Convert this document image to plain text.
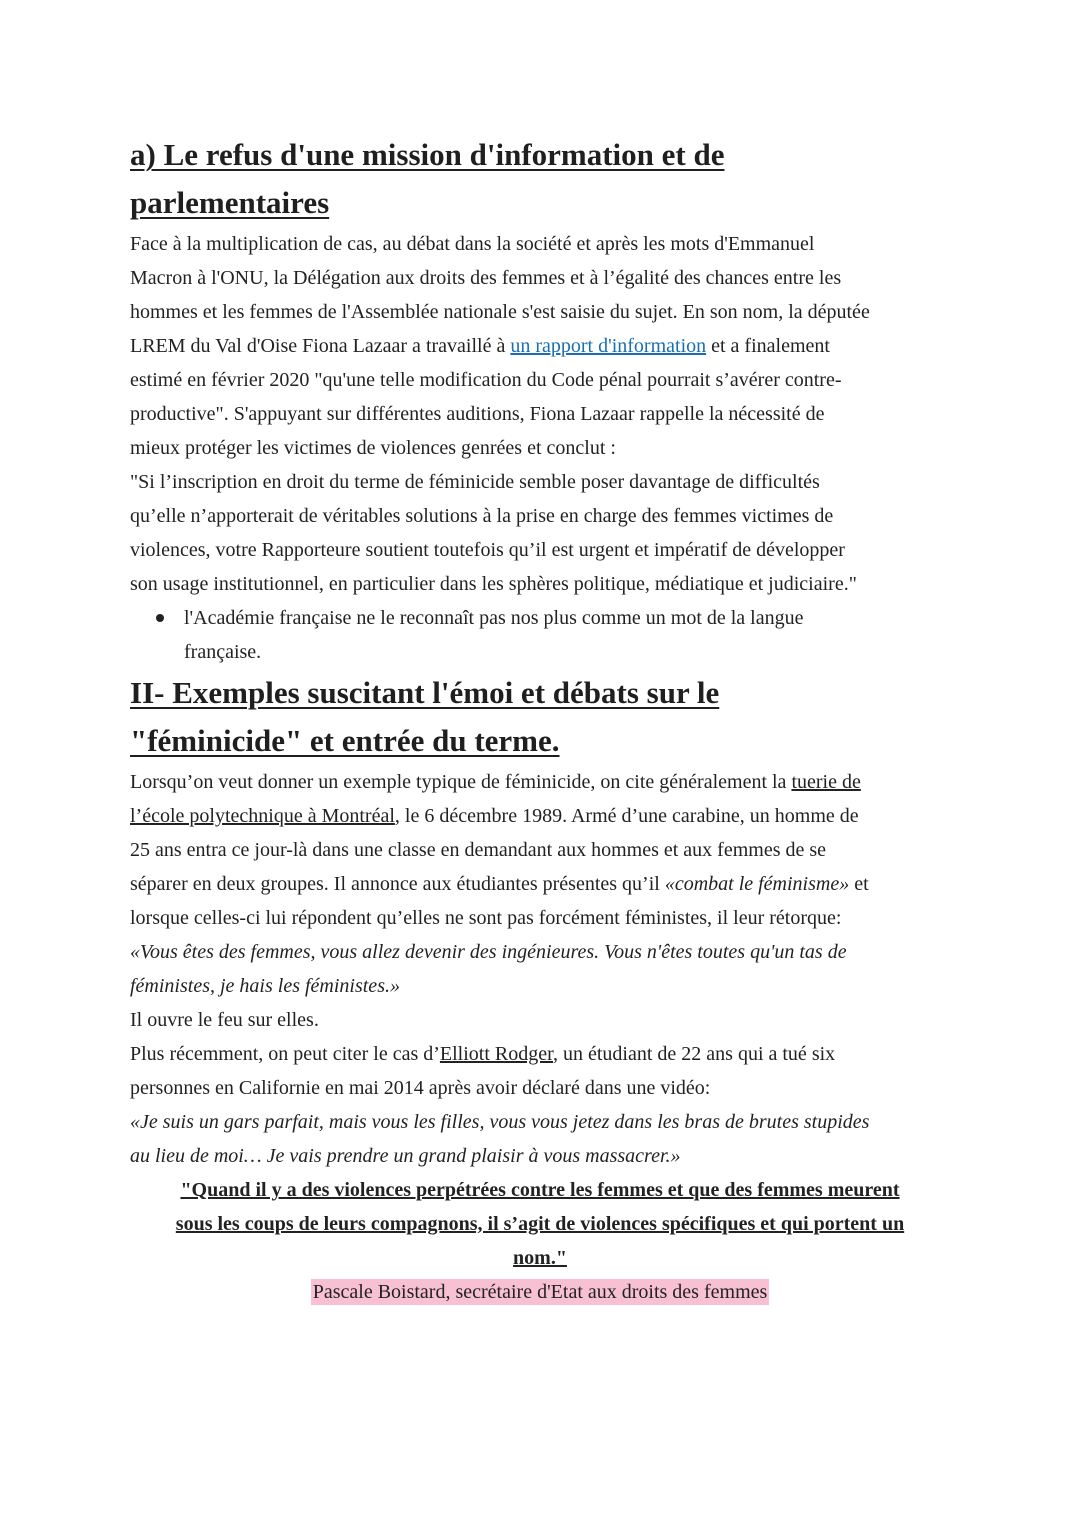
a) Le refus d'une mission d'information et de
parlementaires
Face à la multiplication de cas, au débat dans la société et après les mots d'Emmanuel
Macron à l'ONU, la Délégation aux droits des femmes et à l’égalité des chances entre les
hommes et les femmes de l'Assemblée nationale s'est saisie du sujet. En son nom, la députée
LREM du Val d'Oise Fiona Lazaar a travaillé à un rapport d'information et a finalement
estimé en février 2020 "qu'une telle modification du Code pénal pourrait s’avérer contre-
productive". S'appuyant sur différentes auditions, Fiona Lazaar rappelle la nécessité de
mieux protéger les victimes de violences genrées et conclut :
"Si l’inscription en droit du terme de féminicide semble poser davantage de difficultés
qu’elle n’apporterait de véritables solutions à la prise en charge des femmes victimes de
violences, votre Rapporteure soutient toutefois qu’il est urgent et impératif de développer
son usage institutionnel, en particulier dans les sphères politique, médiatique et judiciaire."
l'Académie française ne le reconnaît pas nos plus comme un mot de la langue
française.
II- Exemples suscitant l'émoi et débats sur le
"féminicide" et entrée du terme.
Lorsqu’on veut donner un exemple typique de féminicide, on cite généralement la tuerie de
l’école polytechnique à Montréal, le 6 décembre 1989. Armé d’une carabine, un homme de
25 ans entra ce jour-là dans une classe en demandant aux hommes et aux femmes de se
séparer en deux groupes. Il annonce aux étudiantes présentes qu’il «combat le féminisme» et
lorsque celles-ci lui répondent qu’elles ne sont pas forcément féministes, il leur rétorque:
«Vous êtes des femmes, vous allez devenir des ingénieures. Vous n'êtes toutes qu'un tas de
féministes, je hais les féministes.»
Il ouvre le feu sur elles.
Plus récemment, on peut citer le cas d’Elliott Rodger, un étudiant de 22 ans qui a tué six
personnes en Californie en mai 2014 après avoir déclaré dans une vidéo:
«Je suis un gars parfait, mais vous les filles, vous vous jetez dans les bras de brutes stupides
au lieu de moi… Je vais prendre un grand plaisir à vous massacrer.»
"Quand il y a des violences perpétrées contre les femmes et que des femmes meurent
sous les coups de leurs compagnons, il s’agit de violences spécifiques et qui portent un
nom."
Pascale Boistard, secrétaire d'Etat aux droits des femmes
